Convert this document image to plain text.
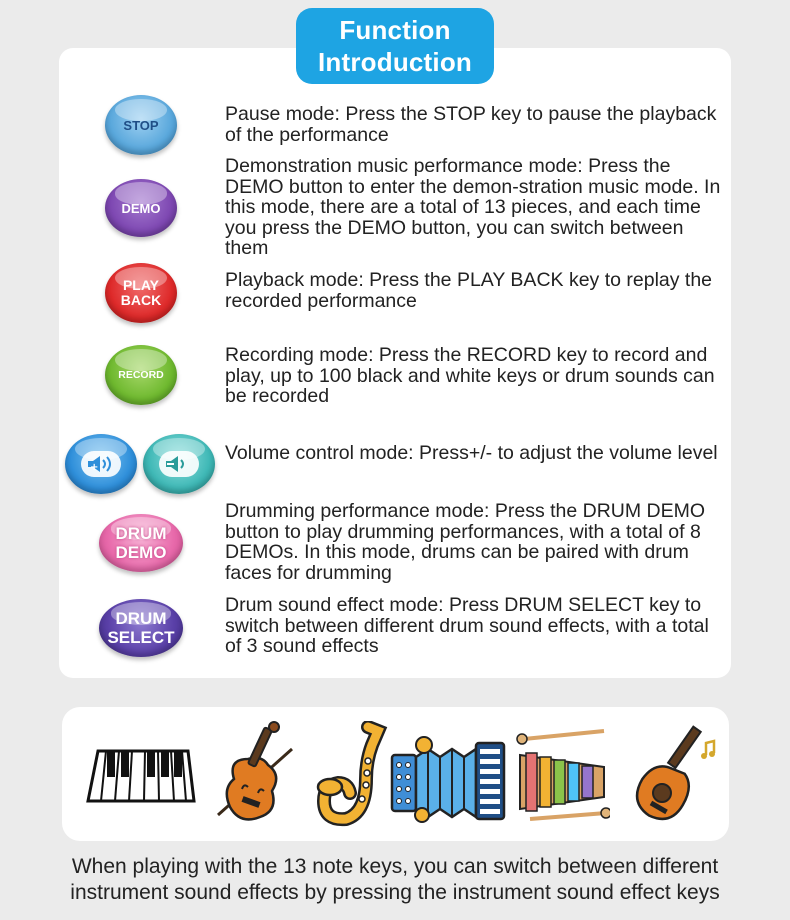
Function
Introduction
STOP	Pause mode: Press the STOP key to pause the playback of the performance
DEMO
Demonstration music performance mode: Press the DEMO button to enter the demon-stration music mode. In this mode, there are a total of 13 pieces, and each time you press the DEMO button, you can switch between them
PLAY
BACK
Playback mode: Press the PLAY BACK key to replay the recorded performance
RECORD
Recording mode: Press the RECORD key to record and play, up to 100 black and white keys or drum sounds can be recorded
+
Volume control mode: Press+/- to adjust the volume level
DRUM
DEMO
Drumming performance mode: Press the DRUM DEMO button to play drumming performances, with a total of 8 DEMOs. In this mode, drums can be paired with drum faces for drumming
DRUM
SELECT
Drum sound effect mode: Press DRUM SELECT key to switch between different drum sound effects, with a total of 3 sound effects
When playing with the 13 note keys, you can switch between different
instrument sound effects by pressing the instrument sound effect keys
